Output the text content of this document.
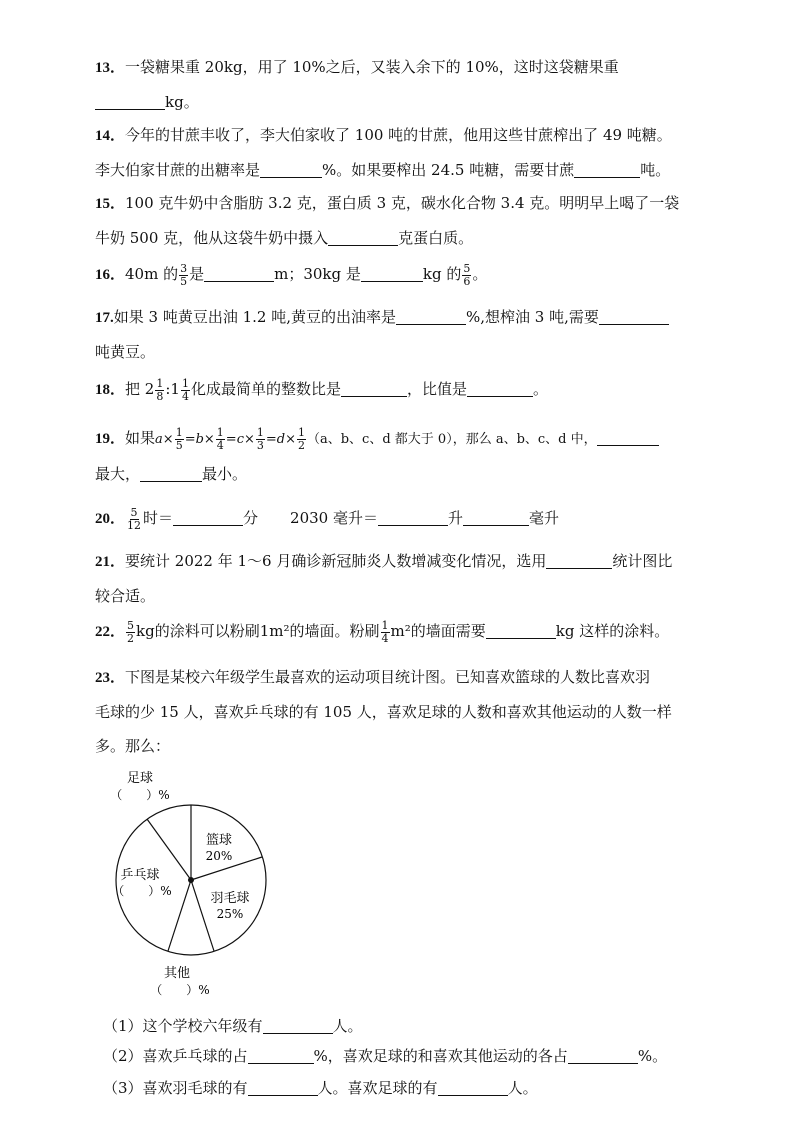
13．一袋糖果重 20kg，用了 10%之后，又装入余下的 10%，这时这袋糖果重
kg。
14．今年的甘蔗丰收了，李大伯家收了 100 吨的甘蔗，他用这些甘蔗榨出了 49 吨糖。
李大伯家甘蔗的出糖率是	%。如果要榨出 24.5 吨糖，需要甘蔗	吨。
15．100 克牛奶中含脂肪 3.2 克，蛋白质 3 克，碳水化合物 3.4 克。明明早上喝了一袋
牛奶 500 克，他从这袋牛奶中摄入	克蛋白质。
16．40m 的 $\frac{3}{5}$ 是	m；30kg 是	kg 的 $\frac{5}{6}$ 。
17.如果 3 吨黄豆出油 1.2 吨,黄豆的出油率是	%,想榨油 3 吨,需要
吨黄豆。
18．把 $2 \frac{1}{8}$ :1 $\frac{1}{4}$ 化成最简单的整数比是	，比值是	。
19．如果$a\times \frac{1}{5} =b\times \frac{1}{4} =c\times \frac{1}{3} =d\times \frac{1}{2} (a$、b、c、d 都大于 0），那么 a、b、c、d 中，
最大，	最小。
20． $\frac{5}{12}$ 时＝	分 2030 毫升＝	升	毫升
21．要统计 2022 年 1～6 月确诊新冠肺炎人数增减变化情况，选用	统计图比
较合适。
22． $\frac{5}{2}$ kg的涂料可以粉刷1m²的墙面。粉刷 $\frac{1}{4} m^2$的墙面需要	kg 这样的涂料。
23．下图是某校六年级学生最喜欢的运动项目统计图。已知喜欢篮球的人数比喜欢羽
毛球的少 15 人，喜欢乒乓球的有 105 人，喜欢足球的人数和喜欢其他运动的人数一样
多。那么：
足球
（　　）%
篮球
20%
羽毛球
25%
乒乓球
（　　）%
其他
（　　）%
（1）这个学校六年级有	人。
（2）喜欢乒乓球的占	%，喜欢足球的和喜欢其他运动的各占	%。
（3）喜欢羽毛球的有	人。喜欢足球的有	人。
